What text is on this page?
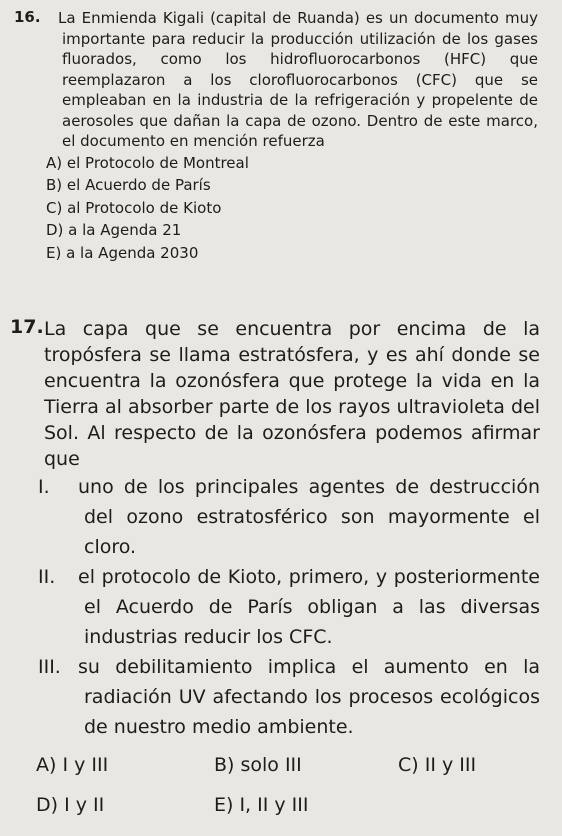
16. La Enmienda Kigali (capital de Ruanda) es un documento muy importante para reducir la producción utilización de los gases fluorados, como los hidrofluorocarbonos (HFC) que reemplazaron a los clorofluorocarbonos (CFC) que se empleaban en la industria de la refrigeración y propelente de aerosoles que dañan la capa de ozono. Dentro de este marco, el documento en mención refuerza
A) el Protocolo de Montreal
B) el Acuerdo de París
C) al Protocolo de Kioto
D) a la Agenda 21
E) a la Agenda 2030
17. La capa que se encuentra por encima de la tropósfera se llama estratósfera, y es ahí donde se encuentra la ozonósfera que protege la vida en la Tierra al absorber parte de los rayos ultravioleta del Sol. Al respecto de la ozonósfera podemos afirmar que
I. uno de los principales agentes de destrucción del ozono estratosférico son mayormente el cloro.
II. el protocolo de Kioto, primero, y posteriormente el Acuerdo de París obligan a las diversas industrias reducir los CFC.
III. su debilitamiento implica el aumento en la radiación UV afectando los procesos ecológicos de nuestro medio ambiente.
A) I y III	B) solo III	C) II y III
D) I y II	E) I, II y III
